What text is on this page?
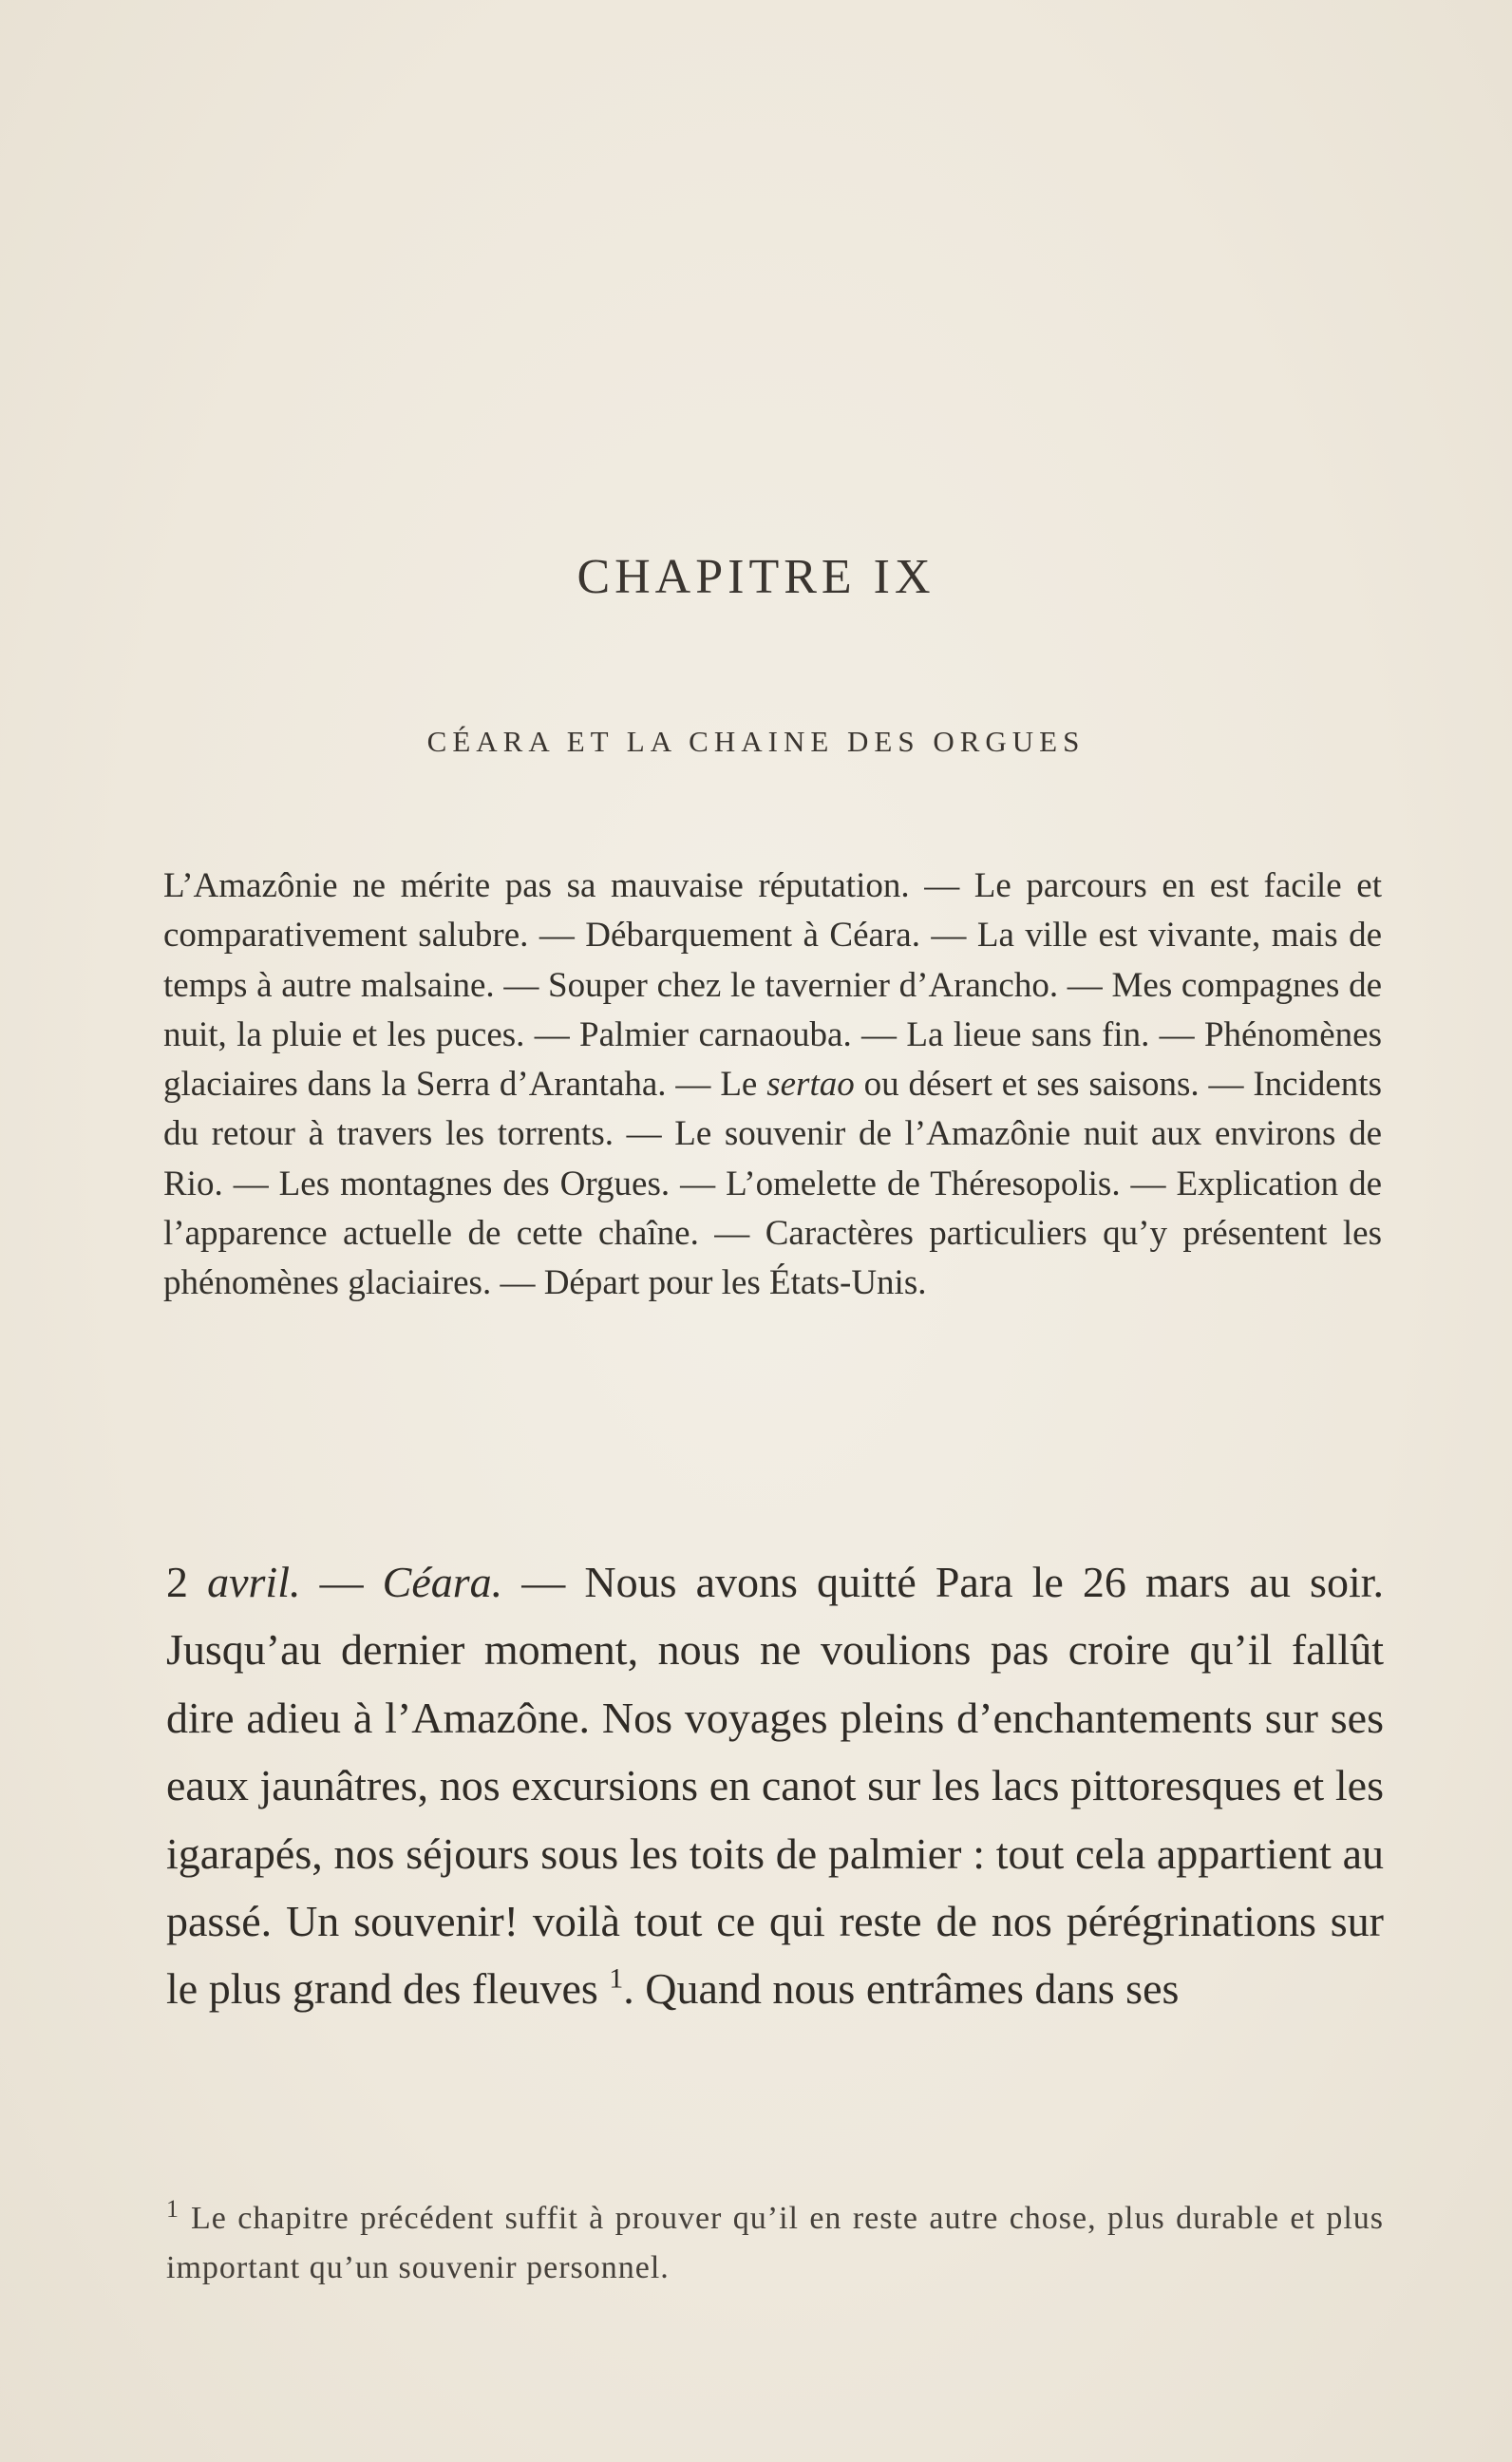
CHAPITRE IX
CÉARA ET LA CHAINE DES ORGUES
L’Amazônie ne mérite pas sa mauvaise réputation. — Le parcours en est facile et comparativement salubre. — Débarquement à Céara. — La ville est vivante, mais de temps à autre malsaine. — Souper chez le tavernier d’Arancho. — Mes compagnes de nuit, la pluie et les puces. — Palmier carnaouba. — La lieue sans fin. — Phénomènes glaciaires dans la Serra d’Arantaha. — Le sertao ou désert et ses saisons. — Incidents du retour à travers les torrents. — Le souvenir de l’Amazônie nuit aux environs de Rio. — Les montagnes des Orgues. — L’omelette de Théresopolis. — Explication de l’apparence actuelle de cette chaîne. — Caractères particuliers qu’y présentent les phénomènes glaciaires. — Départ pour les États-Unis.

2 avril. — Céara. — Nous avons quitté Para le 26 mars au soir. Jusqu’au dernier moment, nous ne voulions pas croire qu’il fallût dire adieu à l’Amazône. Nos voyages pleins d’enchantements sur ses eaux jaunâtres, nos excursions en canot sur les lacs pittoresques et les igarapés, nos séjours sous les toits de palmier : tout cela appartient au passé. Un souvenir! voilà tout ce qui reste de nos pérégrinations sur le plus grand des fleuves $^1$. Quand nous entrâmes dans ses

$^1$ Le chapitre précédent suffit à prouver qu’il en reste autre chose, plus durable et plus important qu’un souvenir personnel.
